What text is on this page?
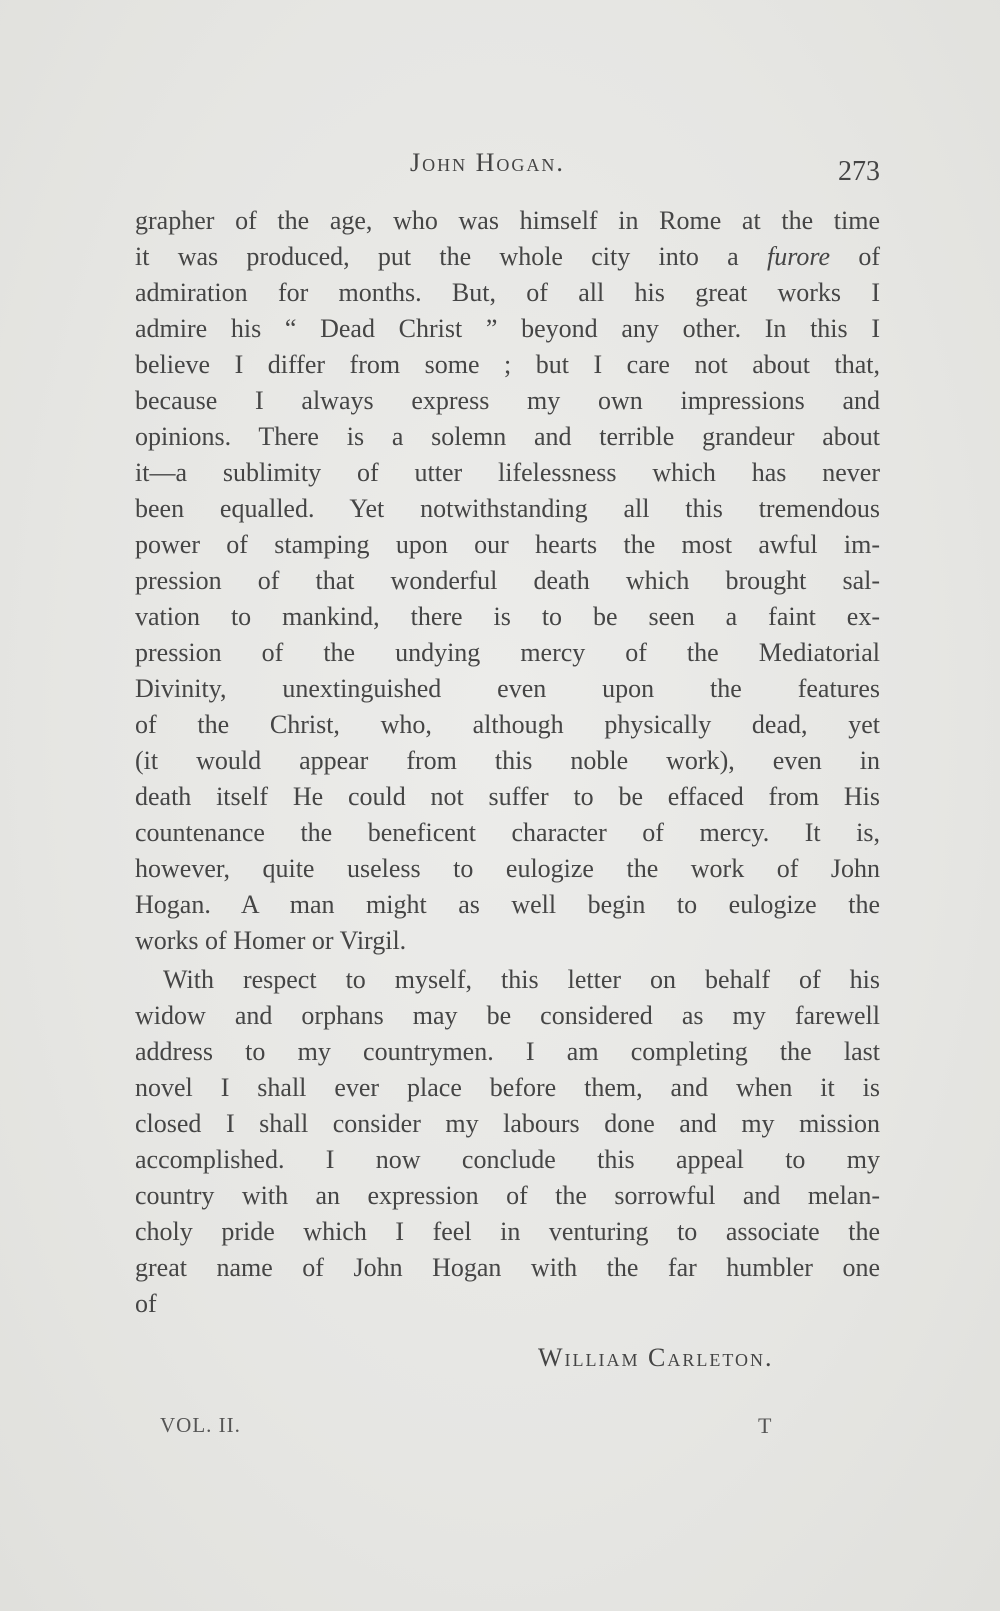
John Hogan.	273
grapher of the age, who was himself in Rome at the time
it was produced, put the whole city into a furore of
admiration for months. But, of all his great works I
admire his “ Dead Christ ” beyond any other. In this I
believe I differ from some ; but I care not about that,
because I always express my own impressions and
opinions. There is a solemn and terrible grandeur about
it—a sublimity of utter lifelessness which has never
been equalled. Yet notwithstanding all this tremendous
power of stamping upon our hearts the most awful im-
pression of that wonderful death which brought sal-
vation to mankind, there is to be seen a faint ex-
pression of the undying mercy of the Mediatorial
Divinity, unextinguished even upon the features
of the Christ, who, although physically dead, yet
(it would appear from this noble work), even in
death itself He could not suffer to be effaced from His
countenance the beneficent character of mercy. It is,
however, quite useless to eulogize the work of John
Hogan. A man might as well begin to eulogize the
works of Homer or Virgil.
With respect to myself, this letter on behalf of his
widow and orphans may be considered as my farewell
address to my countrymen. I am completing the last
novel I shall ever place before them, and when it is
closed I shall consider my labours done and my mission
accomplished. I now conclude this appeal to my
country with an expression of the sorrowful and melan-
choly pride which I feel in venturing to associate the
great name of John Hogan with the far humbler one
of
William Carleton.
VOL. II.	T
